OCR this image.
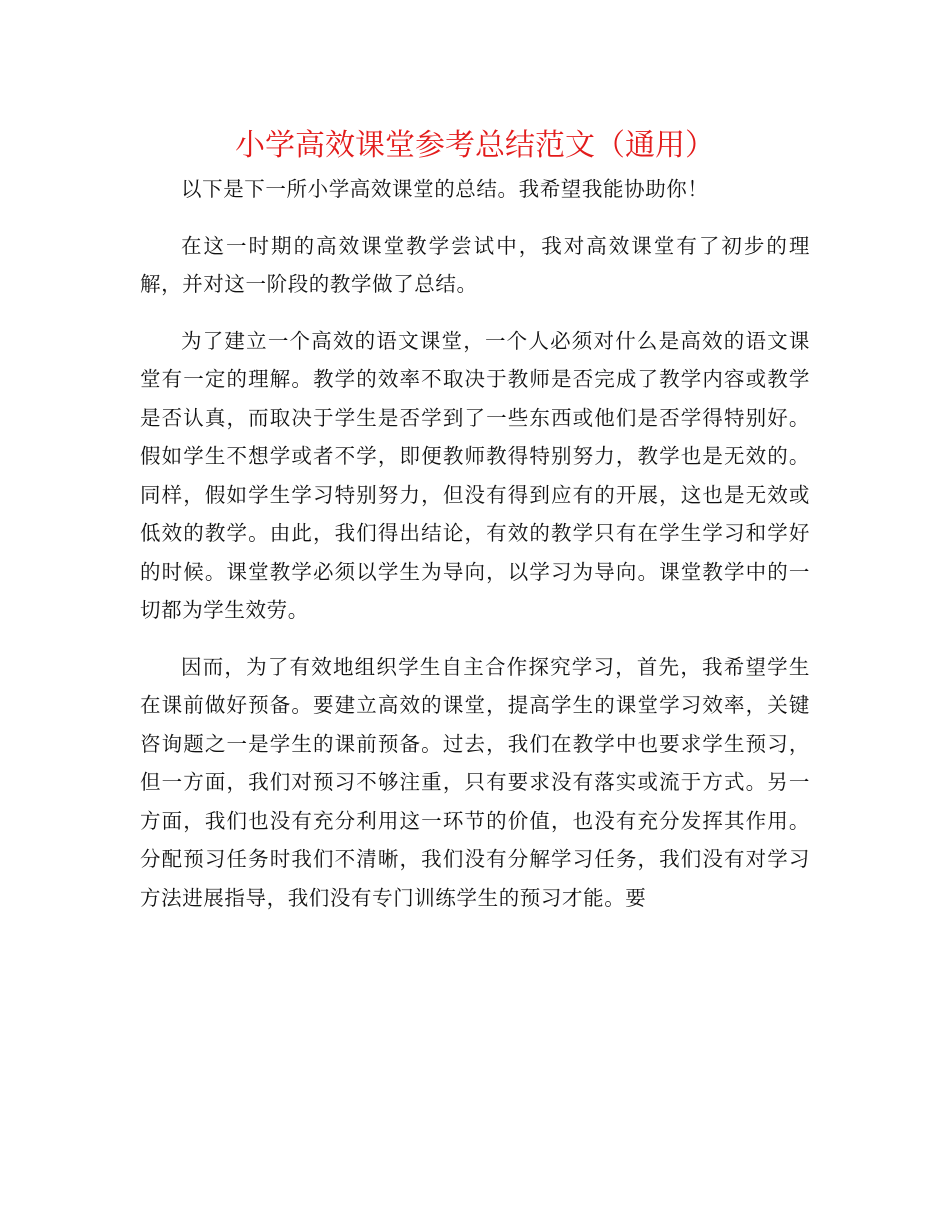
小学高效课堂参考总结范文（通用）

以下是下一所小学高效课堂的总结。我希望我能协助你！

在这一时期的高效课堂教学尝试中，我对高效课堂有了初步的理解，并对这一阶段的教学做了总结。

为了建立一个高效的语文课堂，一个人必须对什么是高效的语文课堂有一定的理解。教学的效率不取决于教师是否完成了教学内容或教学是否认真，而取决于学生是否学到了一些东西或他们是否学得特别好。假如学生不想学或者不学，即便教师教得特别努力，教学也是无效的。同样，假如学生学习特别努力，但没有得到应有的开展，这也是无效或低效的教学。由此，我们得出结论，有效的教学只有在学生学习和学好的时候。课堂教学必须以学生为导向，以学习为导向。课堂教学中的一切都为学生效劳。

因而，为了有效地组织学生自主合作探究学习，首先，我希望学生在课前做好预备。要建立高效的课堂，提高学生的课堂学习效率，关键咨询题之一是学生的课前预备。过去，我们在教学中也要求学生预习，但一方面，我们对预习不够注重，只有要求没有落实或流于方式。另一方面，我们也没有充分利用这一环节的价值，也没有充分发挥其作用。分配预习任务时我们不清晰，我们没有分解学习任务，我们没有对学习方法进展指导，我们没有专门训练学生的预习才能。要
